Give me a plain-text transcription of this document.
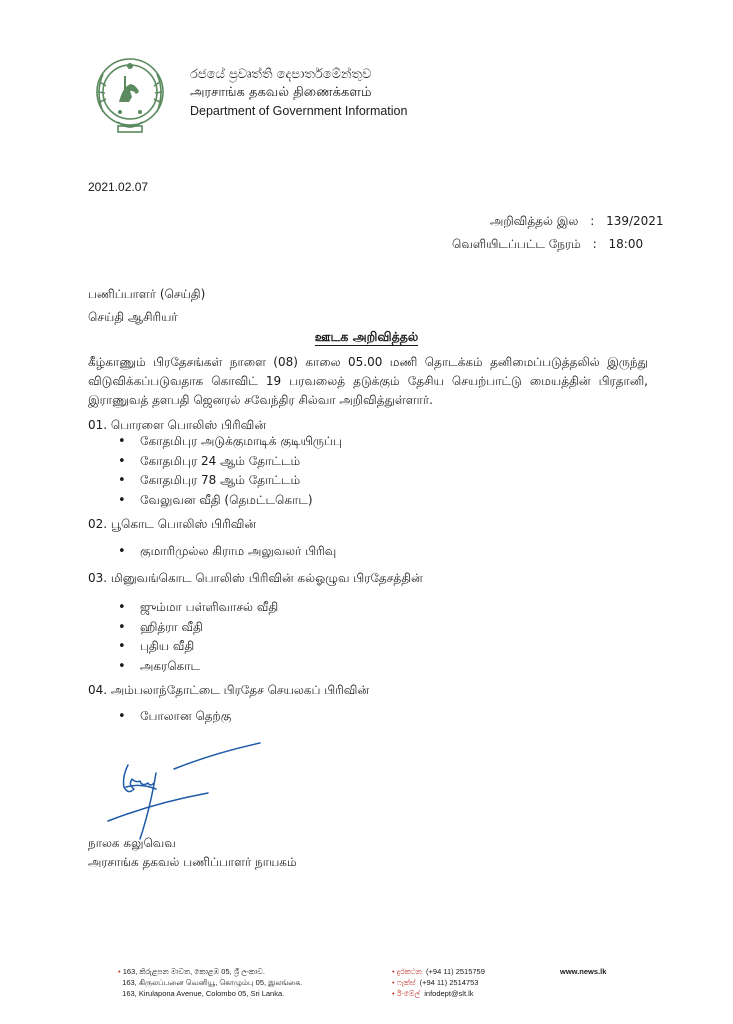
රජයේ ප්‍රවෘත්ති දෙපාර්තමේන්තුව
அரசாங்க தகவல் திணைக்களம்
Department of Government Information
2021.02.07
அறிவித்தல் இல : 139/2021
வெளியிடப்பட்ட நேரம் : 18:00
பணிப்பாளர் (செய்தி)
செய்தி ஆசிரியர்
ஊடக அறிவித்தல்
கீழ்காணும் பிரதேசங்கள் நாளை (08) காலை 05.00 மணி தொடக்கம் தனிமைப்படுத்தலில் இருந்து விடுவிக்கப்படுவதாக கொவிட் 19 பரவலைத் தடுக்கும் தேசிய செயற்பாட்டு மையத்தின் பிரதானி, இராணுவத் தளபதி ஜெனரல் சவேந்திர சில்வா அறிவித்துள்ளார்.
01. பொரளை பொலிஸ் பிரிவின்
• கோதமிபுர அடுக்குமாடிக் குடியிருப்பு
• கோதமிபுர 24 ஆம் தோட்டம்
• கோதமிபுர 78 ஆம் தோட்டம்
• வேலுவன வீதி (தெமட்டகொட)
02. பூகொட பொலிஸ் பிரிவின்
• குமாரிமுல்ல கிராம அலுவலர் பிரிவு
03. மினுவங்கொட பொலிஸ் பிரிவின் கல்ஓழுவ பிரதேசத்தின்
• ஜும்மா பள்ளிவாசல் வீதி
• ஹித்ரா வீதி
• புதிய வீதி
• அகரகொட
04. அம்பலாந்தோட்டை பிரதேச செயலகப் பிரிவின்
• போலான தெற்கு
நாலக கலுவெவ
அரசாங்க தகவல் பணிப்பாளர் நாயகம்
• 163, කිරුළපන මාවත, කොළඹ 05, ශ්‍රී ලංකාව.
163, கிருலப்பனை வெனியூ, கொழும்பு 05, இலங்கை.
163, Kirulapona Avenue, Colombo 05, Sri Lanka.
• දුරකථන (+94 11) 2515759
• ෆැක්ස් (+94 11) 2514753
• ඊ-මේල් infodept@slt.lk
www.news.lk
